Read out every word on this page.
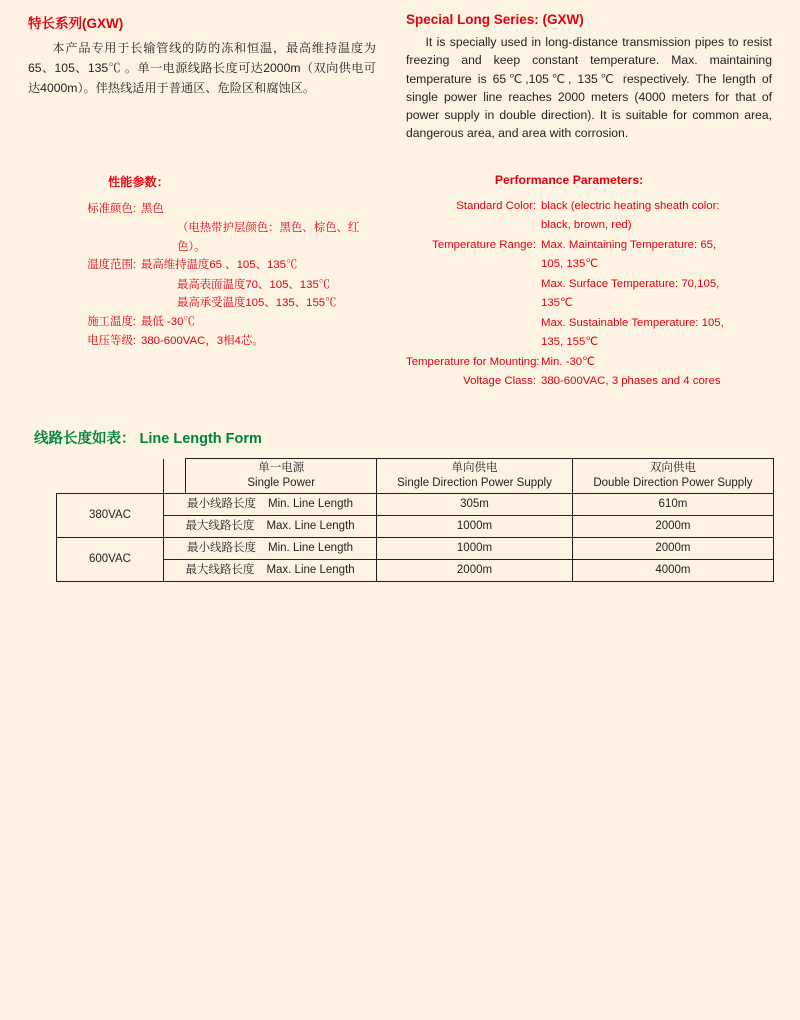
特长系列(GXW)

本产品专用于长输管线的防的冻和恒温，最高维持温度为65、105、135℃ 。单一电源线路长度可达2000m（双向供电可达4000m）。伴热线适用于普通区、危险区和腐蚀区。

Special Long Series: (GXW)

It is specially used in long-distance transmission pipes to resist freezing and keep constant temperature. Max. maintaining temperature is 65℃,105℃, 135℃ respectively. The length of single power line reaches 2000 meters (4000 meters for that of power supply in double direction). It is suitable for common area, dangerous area, and area with corrosion.

性能参数：
标准颜色: 黑色
（电热带护层颜色：黑色、棕色、红色）。
温度范围: 最高维持温度65 、105、135℃
最高表面温度70、105、135℃
最高承受温度105、135、155℃
施工温度: 最低 -30℃
电压等级: 380-600VAC，3相4芯。
Performance Parameters:
Standard Color: black (electric heating sheath color:
black, brown, red)
Temperature Range: Max. Maintaining Temperature: 65,
105, 135℃
Max. Surface Temperature: 70,105,
135℃
Max. Sustainable Temperature: 105,
135, 155℃
Temperature for Mounting: Min. -30℃
Voltage Class: 380-600VAC, 3 phases and 4 cores
线路长度如表： Line Length Form

单一电源
Single Power

单向供电
Single Direction Power Supply

双向供电
Double Direction Power Supply

380VAC	最小线路长度 Min. Line Length		305m	610m
	最大线路长度 Max. Line Length		1000m	2000m
600VAC	最小线路长度 Min. Line Length		1000m	2000m
	最大线路长度 Max. Line Length		2000m	4000m
